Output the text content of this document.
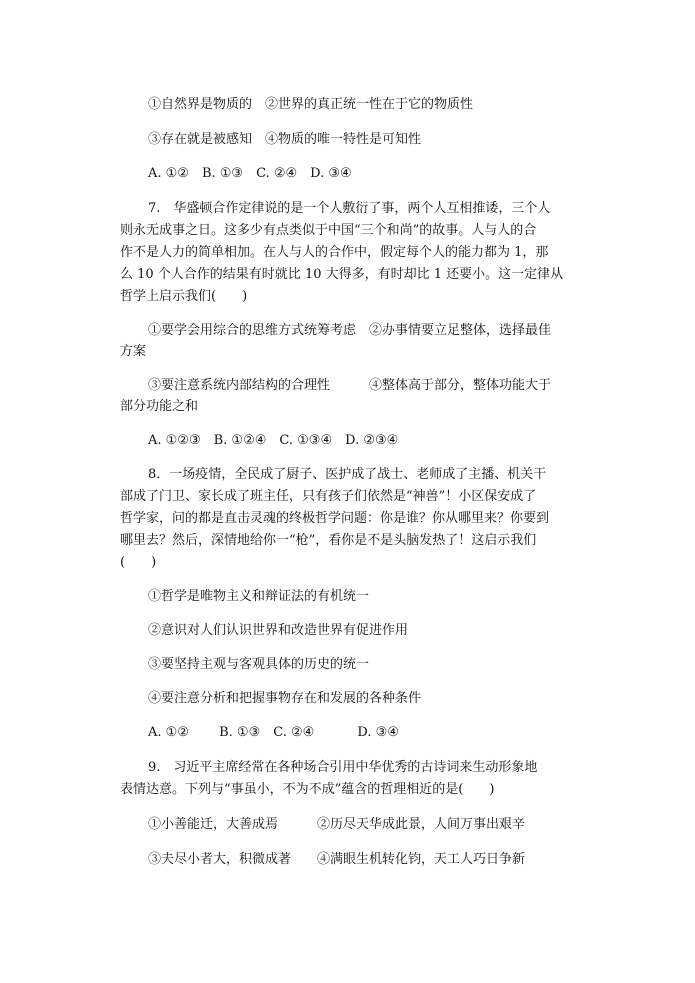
①自然界是物质的　②世界的真正统一性在于它的物质性
③存在就是被感知　④物质的唯一特性是可知性
A. ①②　B. ①③　C. ②④　D. ③④
7.　华盛顿合作定律说的是一个人敷衍了事，两个人互相推诿，三个人
则永无成事之日。这多少有点类似于中国“三个和尚”的故事。人与人的合
作不是人力的简单相加。在人与人的合作中，假定每个人的能力都为 1，那
么 10 个人合作的结果有时就比 10 大得多，有时却比 1 还要小。这一定律从
哲学上启示我们(　　)
①要学会用综合的思维方式统筹考虑　②办事情要立足整体，选择最佳
方案
③要注意系统内部结构的合理性　　　④整体高于部分，整体功能大于
部分功能之和
A. ①②③　B. ①②④　C. ①③④　D. ②③④
8．一场疫情，全民成了厨子、医护成了战士、老师成了主播、机关干
部成了门卫、家长成了班主任，只有孩子们依然是“神兽”！小区保安成了
哲学家，问的都是直击灵魂的终极哲学问题：你是谁？你从哪里来？你要到
哪里去？然后，深情地给你一“枪”，看你是不是头脑发热了！这启示我们
(　　)
①哲学是唯物主义和辩证法的有机统一
②意识对人们认识世界和改造世界有促进作用
③要坚持主观与客观具体的历史的统一
④要注意分析和把握事物存在和发展的各种条件
A. ①②　　 B. ①③　C. ②④　　　 D. ③④
9.　习近平主席经常在各种场合引用中华优秀的古诗词来生动形象地
表情达意。下列与“事虽小，不为不成”蕴含的哲理相近的是(　　)
①小善能迁，大善成焉　　　②历尽天华成此景，人间万事出艰辛
③夫尽小者大，积微成著　　④满眼生机转化钧，天工人巧日争新
